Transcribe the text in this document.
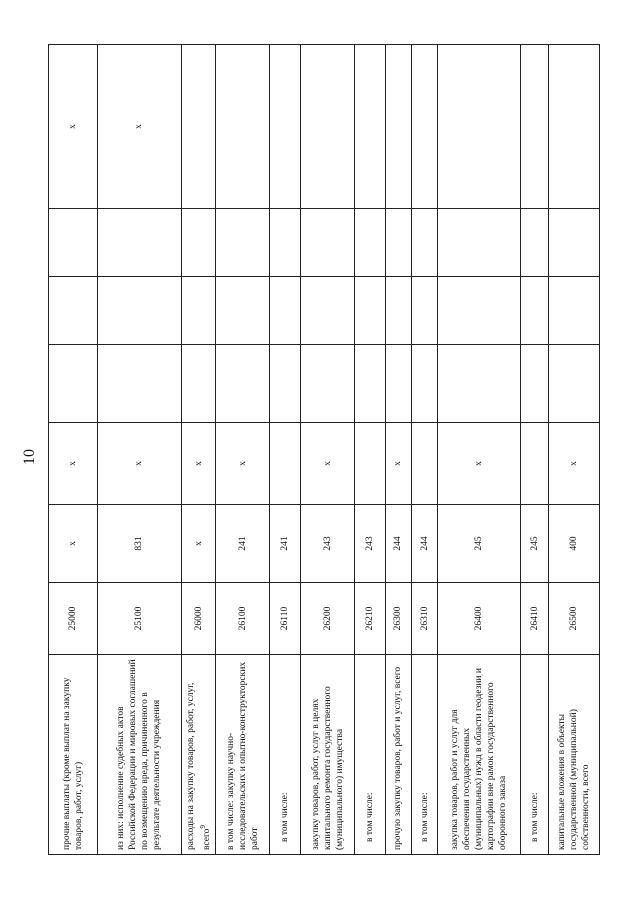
10
прочие выплаты (кроме выплат на закупку товаров, работ, услуг)	25000	х	х				х
из них: исполнение судебных актов Российской Федерации и мировых соглашений по возмещению вреда, причиненного в результате деятельности учреждения	25100	831	х				х
расходы на закупку товаров, работ, услуг, всего$^9$	26000	х	х				
в том числе: закупку научно-исследовательских и опытно-конструкторских работ	26100	241	х				
в том числе:	26110	241					
закупку товаров, работ, услуг в целях капитального ремонта государственного (муниципального) имущества	26200	243	х				
в том числе:	26210	243					
прочую закупку товаров, работ и услуг, всего	26300	244	х				
в том числе:	26310	244					
закупка товаров, работ и услуг для обеспечения государственных (муниципальных) нужд в области геодезии и картографии вне рамок государственного оборонного заказа	26400	245	х				
в том числе:	26410	245					
капитальные вложения в объекты государственной (муниципальной) собственности, всего	26500	400	х				
